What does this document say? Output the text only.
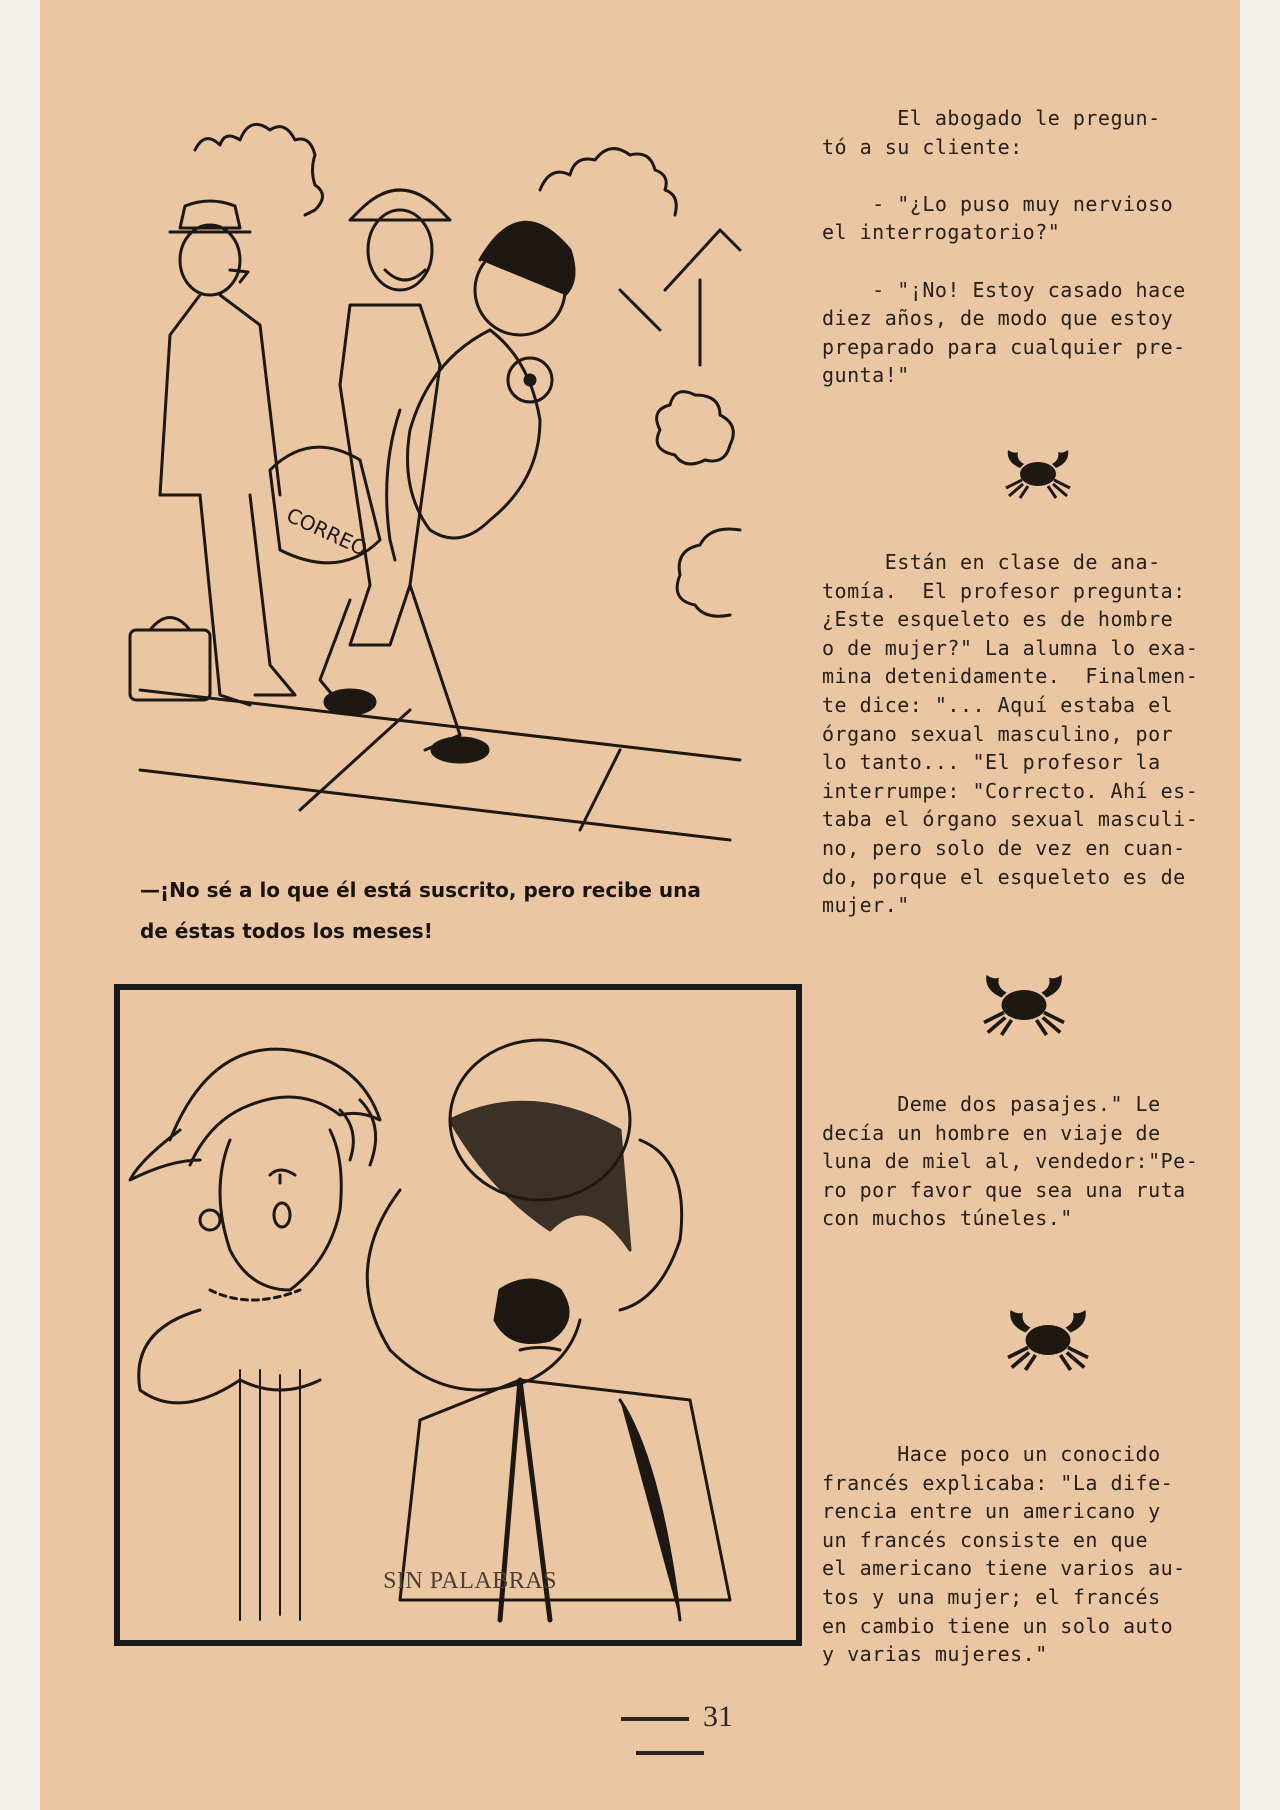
CORREO
—¡No sé a lo que él está suscrito, pero recibe una
de éstas todos los meses!
SIN PALABRAS

El abogado le pregun-

tó a su cliente:

- "¿Lo puso muy nervioso

el interrogatorio?"

- "¡No! Estoy casado hace

diez años, de modo que estoy

preparado para cualquier pre-

gunta!"

Están en clase de ana-

tomía.  El profesor pregunta:

¿Este esqueleto es de hombre

o de mujer?" La alumna lo exa-

mina detenidamente.  Finalmen-

te dice: "... Aquí estaba el

órgano sexual masculino, por

lo tanto... "El profesor la

interrumpe: "Correcto. Ahí es-

taba el órgano sexual masculi-

no, pero solo de vez en cuan-

do, porque el esqueleto es de

mujer."

Deme dos pasajes." Le

decía un hombre en viaje de

luna de miel al, vendedor:"Pe-

ro por favor que sea una ruta

con muchos túneles."

Hace poco un conocido

francés explicaba: "La dife-

rencia entre un americano y

un francés consiste en que

el americano tiene varios au-

tos y una mujer; el francés

en cambio tiene un solo auto

y varias mujeres."

31
